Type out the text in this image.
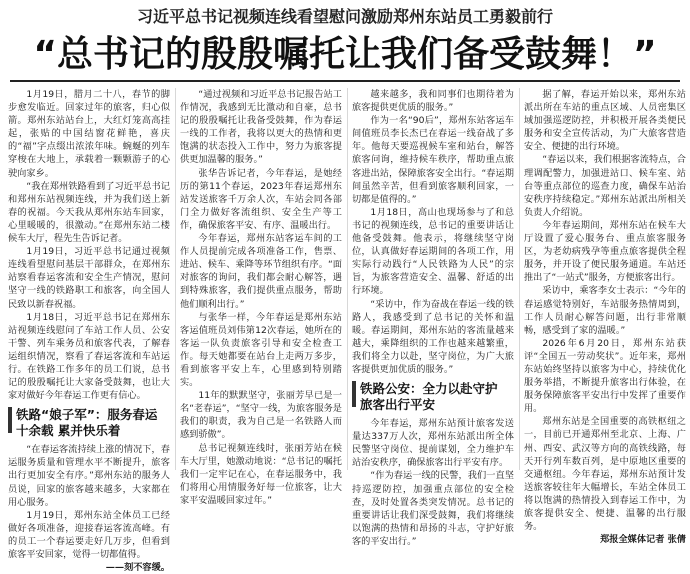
习近平总书记视频连线看望慰问激励郑州东站员工勇毅前行
“总书记的殷殷嘱托让我们备受鼓舞！”

1月19日，腊月二十八，春节的脚步愈发临近。回家过年的旅客，归心似箭。郑州东站站台上，大红灯笼高高挂起，张贴的中国结窗花鲜艳，喜庆的“福”字点缀出浓浓年味。蜿蜒的列车穿梭在大地上，承载着一颗颗游子的心驶向家乡。

“我在郑州铁路看到了习近平总书记和郑州东站视频连线，并为我们送上新春的祝福。今天我从郑州东站车回家，心里暖暖的，很激动。”在郑州东站二楼候车大厅，程先生告诉记者。

1月19日，习近平总书记通过视频连线看望慰问基层干部群众，在郑州东站察看春运客流和安全生产情况，慰问坚守一线的铁路职工和旅客，向全国人民致以新春祝福。

1月18日，习近平总书记在郑州东站视频连线慰问了车站工作人员、公安干警、列车乘务员和旅客代表，了解春运组织情况，察看了春运客流和车站运行。在铁路工作多年的员工们说，总书记的殷殷嘱托让大家备受鼓舞，也让大家对做好今年春运工作更有信心。

铁路“娘子军”：服务春运
十余载 累并快乐着

“在春运客流持续上涨的情况下，春运服务质量和管理水平不断提升，旅客出行更加安全有序。”郑州东站的服务人员说，回家的旅客越来越多，大家都在用心服务。

1月19日，郑州东站全体员工已经做好各项准备，迎接春运客流高峰。有的员工一个春运要走好几万步，但看到旅客平安回家，觉得一切都值得。

——刻不容缓。

“通过视频和习近平总书记报告站工作情况，我感到无比激动和自豪，总书记的殷殷嘱托让我备受鼓舞，作为春运一线的工作者，我将以更大的热情和更饱满的状态投入工作中，努力为旅客提供更加温馨的服务。”

张华告诉记者，今年春运，是她经历的第11个春运，2023年春运郑州东站发送旅客千万余人次，车站会同各部门全力做好客流组织、安全生产等工作，确保旅客平安、有序、温暖出行。

今年春运，郑州东站客运车间的工作人员提前完成各项准备工作，售票、进站、候车、乘降等环节组织有序。“面对旅客的询问，我们都会耐心解答，遇到特殊旅客，我们提供重点服务，帮助他们顺利出行。”

与张华一样，今年春运是郑州东站客运值班员刘伟第12次春运，她所在的客运一队负责旅客引导和安全检查工作。每天她都要在站台上走两万多步，看到旅客平安上车，心里感到特别踏实。

11年的默默坚守，张丽芳早已是一名“老春运”，“坚守一线，为旅客服务是我们的职责，我为自己是一名铁路人而感到骄傲”。

总书记视频连线时，张丽芳站在候车大厅里，她激动地说：“总书记的嘱托我们一定牢记在心，在春运服务中，我们将用心用情服务好每一位旅客，让大家平安温暖回家过年。”

越来越多，我和同事们也期待着为旅客提供更优质的服务。”

作为一名“90后”，郑州东站客运车间值班员李长杰已在春运一线奋战了多年。他每天要巡视候车室和站台，解答旅客问询，维持候车秩序，帮助重点旅客进出站，保障旅客安全出行。“春运期间虽然辛苦，但看到旅客顺利回家，一切都是值得的。”

1月18日，高山也现场参与了和总书记的视频连线，总书记的重要讲话让他备受鼓舞。他表示，将继续坚守岗位，认真做好春运期间的各项工作，用实际行动践行“人民铁路为人民”的宗旨，为旅客营造安全、温馨、舒适的出行环境。

“采访中，作为奋战在春运一线的铁路人，我感受到了总书记的关怀和温暖。春运期间，郑州东站的客流量越来越大，乘降组织的工作也越来越繁重，我们将全力以赴，坚守岗位，为广大旅客提供更加优质的服务。”

铁路公安：全力以赴守护
旅客出行平安

今年春运，郑州东站预计旅客发送量达337万人次，郑州东站派出所全体民警坚守岗位、提前谋划，全力维护车站治安秩序，确保旅客出行平安有序。

“作为春运一线的民警，我们一直坚持巡逻防控，加强重点部位的安全检查，及时处置各类突发情况。总书记的重要讲话让我们深受鼓舞，我们将继续以饱满的热情和昂扬的斗志，守护好旅客的平安出行。”

据了解，春运开始以来，郑州东站派出所在车站的重点区域、人员密集区域加强巡逻防控，并积极开展各类便民服务和安全宣传活动，为广大旅客营造安全、便捷的出行环境。

“春运以来，我们根据客流特点，合理调配警力，加强进站口、候车室、站台等重点部位的巡查力度，确保车站治安秩序持续稳定。”郑州东站派出所相关负责人介绍说。

今年春运期间，郑州东站在候车大厅设置了爱心服务台、重点旅客服务区，为老幼病残孕等重点旅客提供全程服务，并开设了便民服务通道。车站还推出了“一站式”服务，方便旅客出行。

采访中，乘客李女士表示：“今年的春运感觉特别好，车站服务热情周到，工作人员耐心解答问题，出行非常顺畅，感受到了家的温暖。”

2026年6月20日，郑州东站获评“全国五一劳动奖状”。近年来，郑州东站始终坚持以旅客为中心，持续优化服务举措，不断提升旅客出行体验，在服务保障旅客平安出行中发挥了重要作用。

郑州东站是全国重要的高铁枢纽之一，目前已开通郑州至北京、上海、广州、西安、武汉等方向的高铁线路，每天开行列车数百列，是中原地区重要的交通枢纽。今年春运，郑州东站预计发送旅客较往年大幅增长，车站全体员工将以饱满的热情投入到春运工作中，为旅客提供安全、便捷、温馨的出行服务。

郑报全媒体记者 张倩
